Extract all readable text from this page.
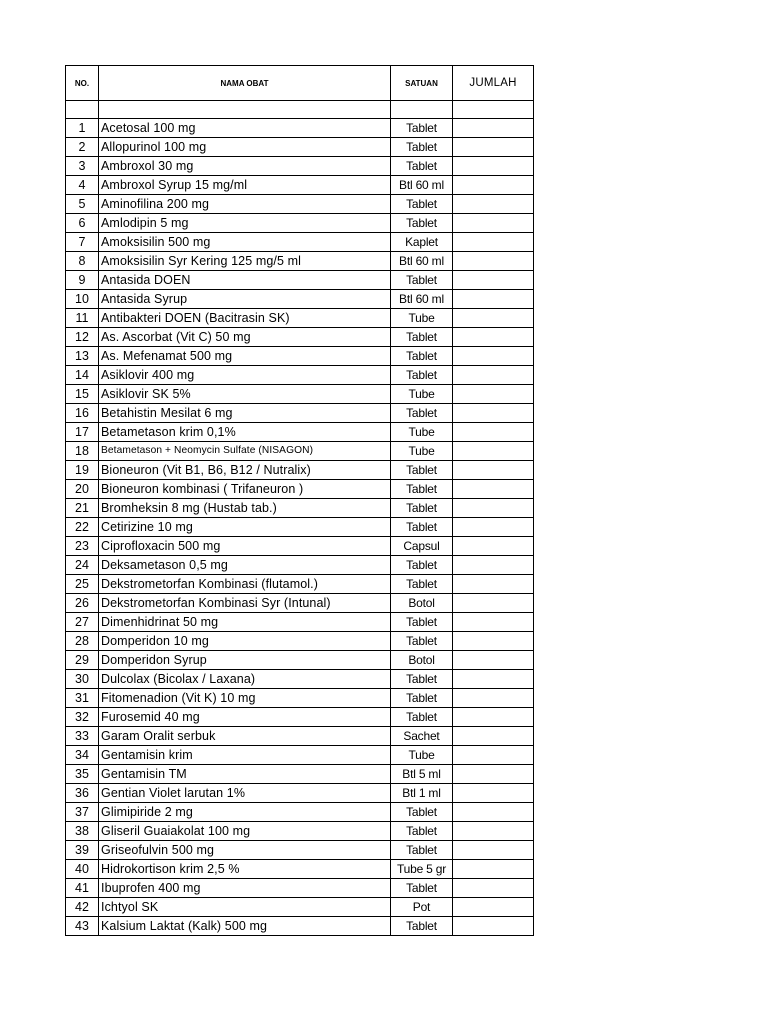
NO.	NAMA OBAT	SATUAN	JUMLAH

1	Acetosal 100 mg	Tablet	
2	Allopurinol 100 mg	Tablet	
3	Ambroxol 30 mg	Tablet	
4	Ambroxol Syrup 15 mg/ml	Btl 60 ml	
5	Aminofilina 200 mg	Tablet	
6	Amlodipin 5 mg	Tablet	
7	Amoksisilin 500 mg	Kaplet	
8	Amoksisilin Syr Kering 125 mg/5 ml	Btl 60 ml	
9	Antasida DOEN	Tablet	
10	Antasida Syrup	Btl 60 ml	
11	Antibakteri DOEN (Bacitrasin SK)	Tube	
12	As. Ascorbat (Vit C) 50 mg	Tablet	
13	As. Mefenamat 500 mg	Tablet	
14	Asiklovir 400 mg	Tablet	
15	Asiklovir SK 5%	Tube	
16	Betahistin Mesilat 6 mg	Tablet	
17	Betametason krim 0,1%	Tube	
18	Betametason + Neomycin Sulfate (NISAGON)	Tube	
19	Bioneuron (Vit B1, B6, B12 / Nutralix)	Tablet	
20	Bioneuron kombinasi ( Trifaneuron )	Tablet	
21	Bromheksin 8 mg (Hustab tab.)	Tablet	
22	Cetirizine 10 mg	Tablet	
23	Ciprofloxacin 500 mg	Capsul	
24	Deksametason 0,5 mg	Tablet	
25	Dekstrometorfan Kombinasi (flutamol.)	Tablet	
26	Dekstrometorfan Kombinasi Syr (Intunal)	Botol	
27	Dimenhidrinat 50 mg	Tablet	
28	Domperidon 10 mg	Tablet	
29	Domperidon Syrup	Botol	
30	Dulcolax (Bicolax / Laxana)	Tablet	
31	Fitomenadion (Vit K) 10 mg	Tablet	
32	Furosemid 40 mg	Tablet	
33	Garam Oralit serbuk	Sachet	
34	Gentamisin krim	Tube	
35	Gentamisin TM	Btl 5 ml	
36	Gentian Violet larutan 1%	Btl 1 ml	
37	Glimipiride 2 mg	Tablet	
38	Gliseril Guaiakolat 100 mg	Tablet	
39	Griseofulvin 500 mg	Tablet	
40	Hidrokortison krim 2,5 %	Tube 5 gr	
41	Ibuprofen 400 mg	Tablet	
42	Ichtyol SK	Pot	
43	Kalsium Laktat (Kalk) 500 mg	Tablet	
